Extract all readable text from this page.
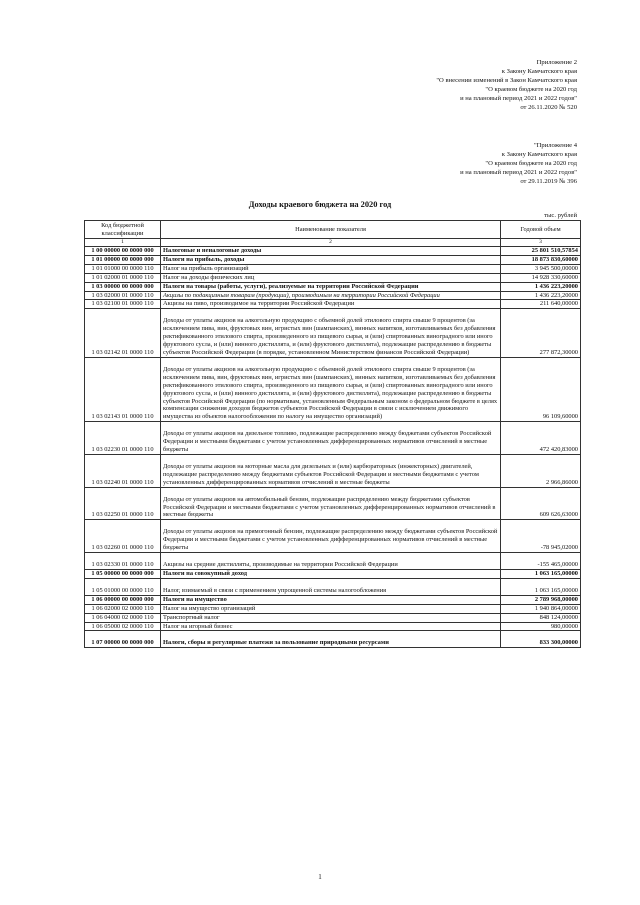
Приложение 2
к Закону Камчатского края
"О внесении изменений в Закон Камчатского края
"О краевом бюджете на 2020 год
и на плановый период 2021 и 2022 годов"
от 26.11.2020 № 520
"Приложение 4
к Закону Камчатского края
"О краевом бюджете на 2020 год
и на плановый период 2021 и 2022 годов"
от 29.11.2019 № 396
Доходы краевого бюджета на 2020 год
тыс. рублей
Код бюджетной классификации	Наименование показателя	Годовой объем
1	2	3
1 00 00000 00 0000 000	Налоговые и неналоговые доходы	25 801 510,57854
1 01 00000 00 0000 000	Налоги на прибыль, доходы	18 873 830,60000
1 01 01000 00 0000 110	Налог на прибыль организаций	3 945 500,00000
1 01 02000 01 0000 110	Налог на доходы физических лиц	14 928 330,60000
1 03 00000 00 0000 000	Налоги на товары (работы, услуги), реализуемые на территории Российской Федерации	1 436 223,20000
1 03 02000 01 0000 110	Акцизы по подакцизным товарам (продукции), производимым на территории Российской Федерации	1 436 223,20000
1 03 02100 01 0000 110	Акцизы на пиво, производимое на территории Российской Федерации	211 640,00000
1 03 02142 01 0000 110	Доходы от уплаты акцизов на алкогольную продукцию с объемной долей этилового спирта свыше 9 процентов (за исключением пива, вин, фруктовых вин, игристых вин (шампанских), винных напитков, изготавливаемых без добавления ректификованного этилового спирта, произведенного из пищевого сырья, и (или) спиртованных виноградного или иного фруктового сусла, и (или) винного дистиллята, и (или) фруктового дистиллята), подлежащие распределению в бюджеты субъектов Российской Федерации (в порядке, установленном Министерством финансов Российской Федерации)	277 872,30000
1 03 02143 01 0000 110	Доходы от уплаты акцизов на алкогольную продукцию с объемной долей этилового спирта свыше 9 процентов (за исключением пива, вин, фруктовых вин, игристых вин (шампанских), винных напитков, изготавливаемых без добавления ректификованного этилового спирта, произведенного из пищевого сырья, и (или) спиртованных виноградного или иного фруктового сусла, и (или) винного дистиллята, и (или) фруктового дистиллята), подлежащие распределению в бюджеты субъектов Российской Федерации (по нормативам, установленным Федеральным законом о федеральном бюджете в целях компенсации снижения доходов бюджетов субъектов Российской Федерации в связи с исключением движимого имущества из объектов налогообложения по налогу на имущество организаций)	96 109,60000
1 03 02230 01 0000 110	Доходы от уплаты акцизов на дизельное топливо, подлежащие распределению между бюджетами субъектов Российской Федерации и местными бюджетами с учетом установленных дифференцированных нормативов отчислений в местные бюджеты	472 420,83000
1 03 02240 01 0000 110	Доходы от уплаты акцизов на моторные масла для дизельных и (или) карбюраторных (инжекторных) двигателей, подлежащие распределению между бюджетами субъектов Российской Федерации и местными бюджетами с учетом установленных дифференцированных нормативов отчислений в местные бюджеты	2 966,86000
1 03 02250 01 0000 110	Доходы от уплаты акцизов на автомобильный бензин, подлежащие распределению между бюджетами субъектов Российской Федерации и местными бюджетами с учетом установленных дифференцированных нормативов отчислений в местные бюджеты	609 626,63000
1 03 02260 01 0000 110	Доходы от уплаты акцизов на прямогонный бензин, подлежащие распределению между бюджетами субъектов Российской Федерации и местными бюджетами с учетом установленных дифференцированных нормативов отчислений в местные бюджеты	-78 945,02000
1 03 02330 01 0000 110	Акцизы на средние дистилляты, производимые на территории Российской Федерации	-155 465,00000
1 05 00000 00 0000 000	Налоги на совокупный доход	1 063 165,00000
1 05 01000 00 0000 110	Налог, взимаемый в связи с применением упрощенной системы налогообложения	1 063 165,00000
1 06 00000 00 0000 000	Налоги на имущество	2 789 968,00000
1 06 02000 02 0000 110	Налог на имущество организаций	1 940 864,00000
1 06 04000 02 0000 110	Транспортный налог	848 124,00000
1 06 05000 02 0000 110	Налог на игорный бизнес	980,00000
1 07 00000 00 0000 000	Налоги, сборы и регулярные платежи за пользование природными ресурсами	833 300,00000
1
